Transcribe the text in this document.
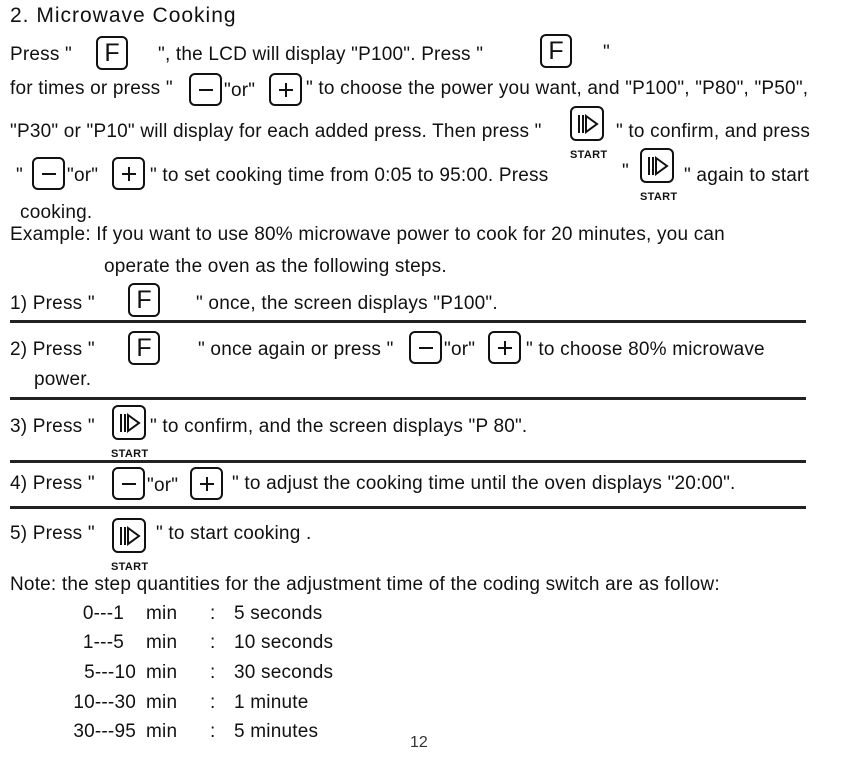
2. Microwave Cooking
Press " F ", the LCD will display "P100". Press "	F "
for times or press "	"or"	" to choose the power you want, and "P100", "P80", "P50",
"P30" or "P10" will display for each added press. Then press "
START
" to confirm, and press
" "or"	" to set cooking time from 0:05 to 95:00. Press	"
START
" again to start
cooking.
Example: If you want to use 80% microwave power to cook for 20 minutes, you can
operate the oven as the following steps.
1) Press " F " once, the screen displays "P100".
2) Press " F " once again or press "	"or"	" to choose 80% microwave
power.
3) Press "
START
" to confirm, and the screen displays "P 80".
4) Press "	"or"	" to adjust the cooking time until the oven displays "20:00".
5) Press "
START
" to start cooking .
Note: the step quantities for the adjustment time of the coding switch are as follow:
0---1 min : 5 seconds
1---5 min : 10 seconds
5---10 min : 30 seconds
10---30 min : 1 minute
30---95 min : 5 minutes
12
